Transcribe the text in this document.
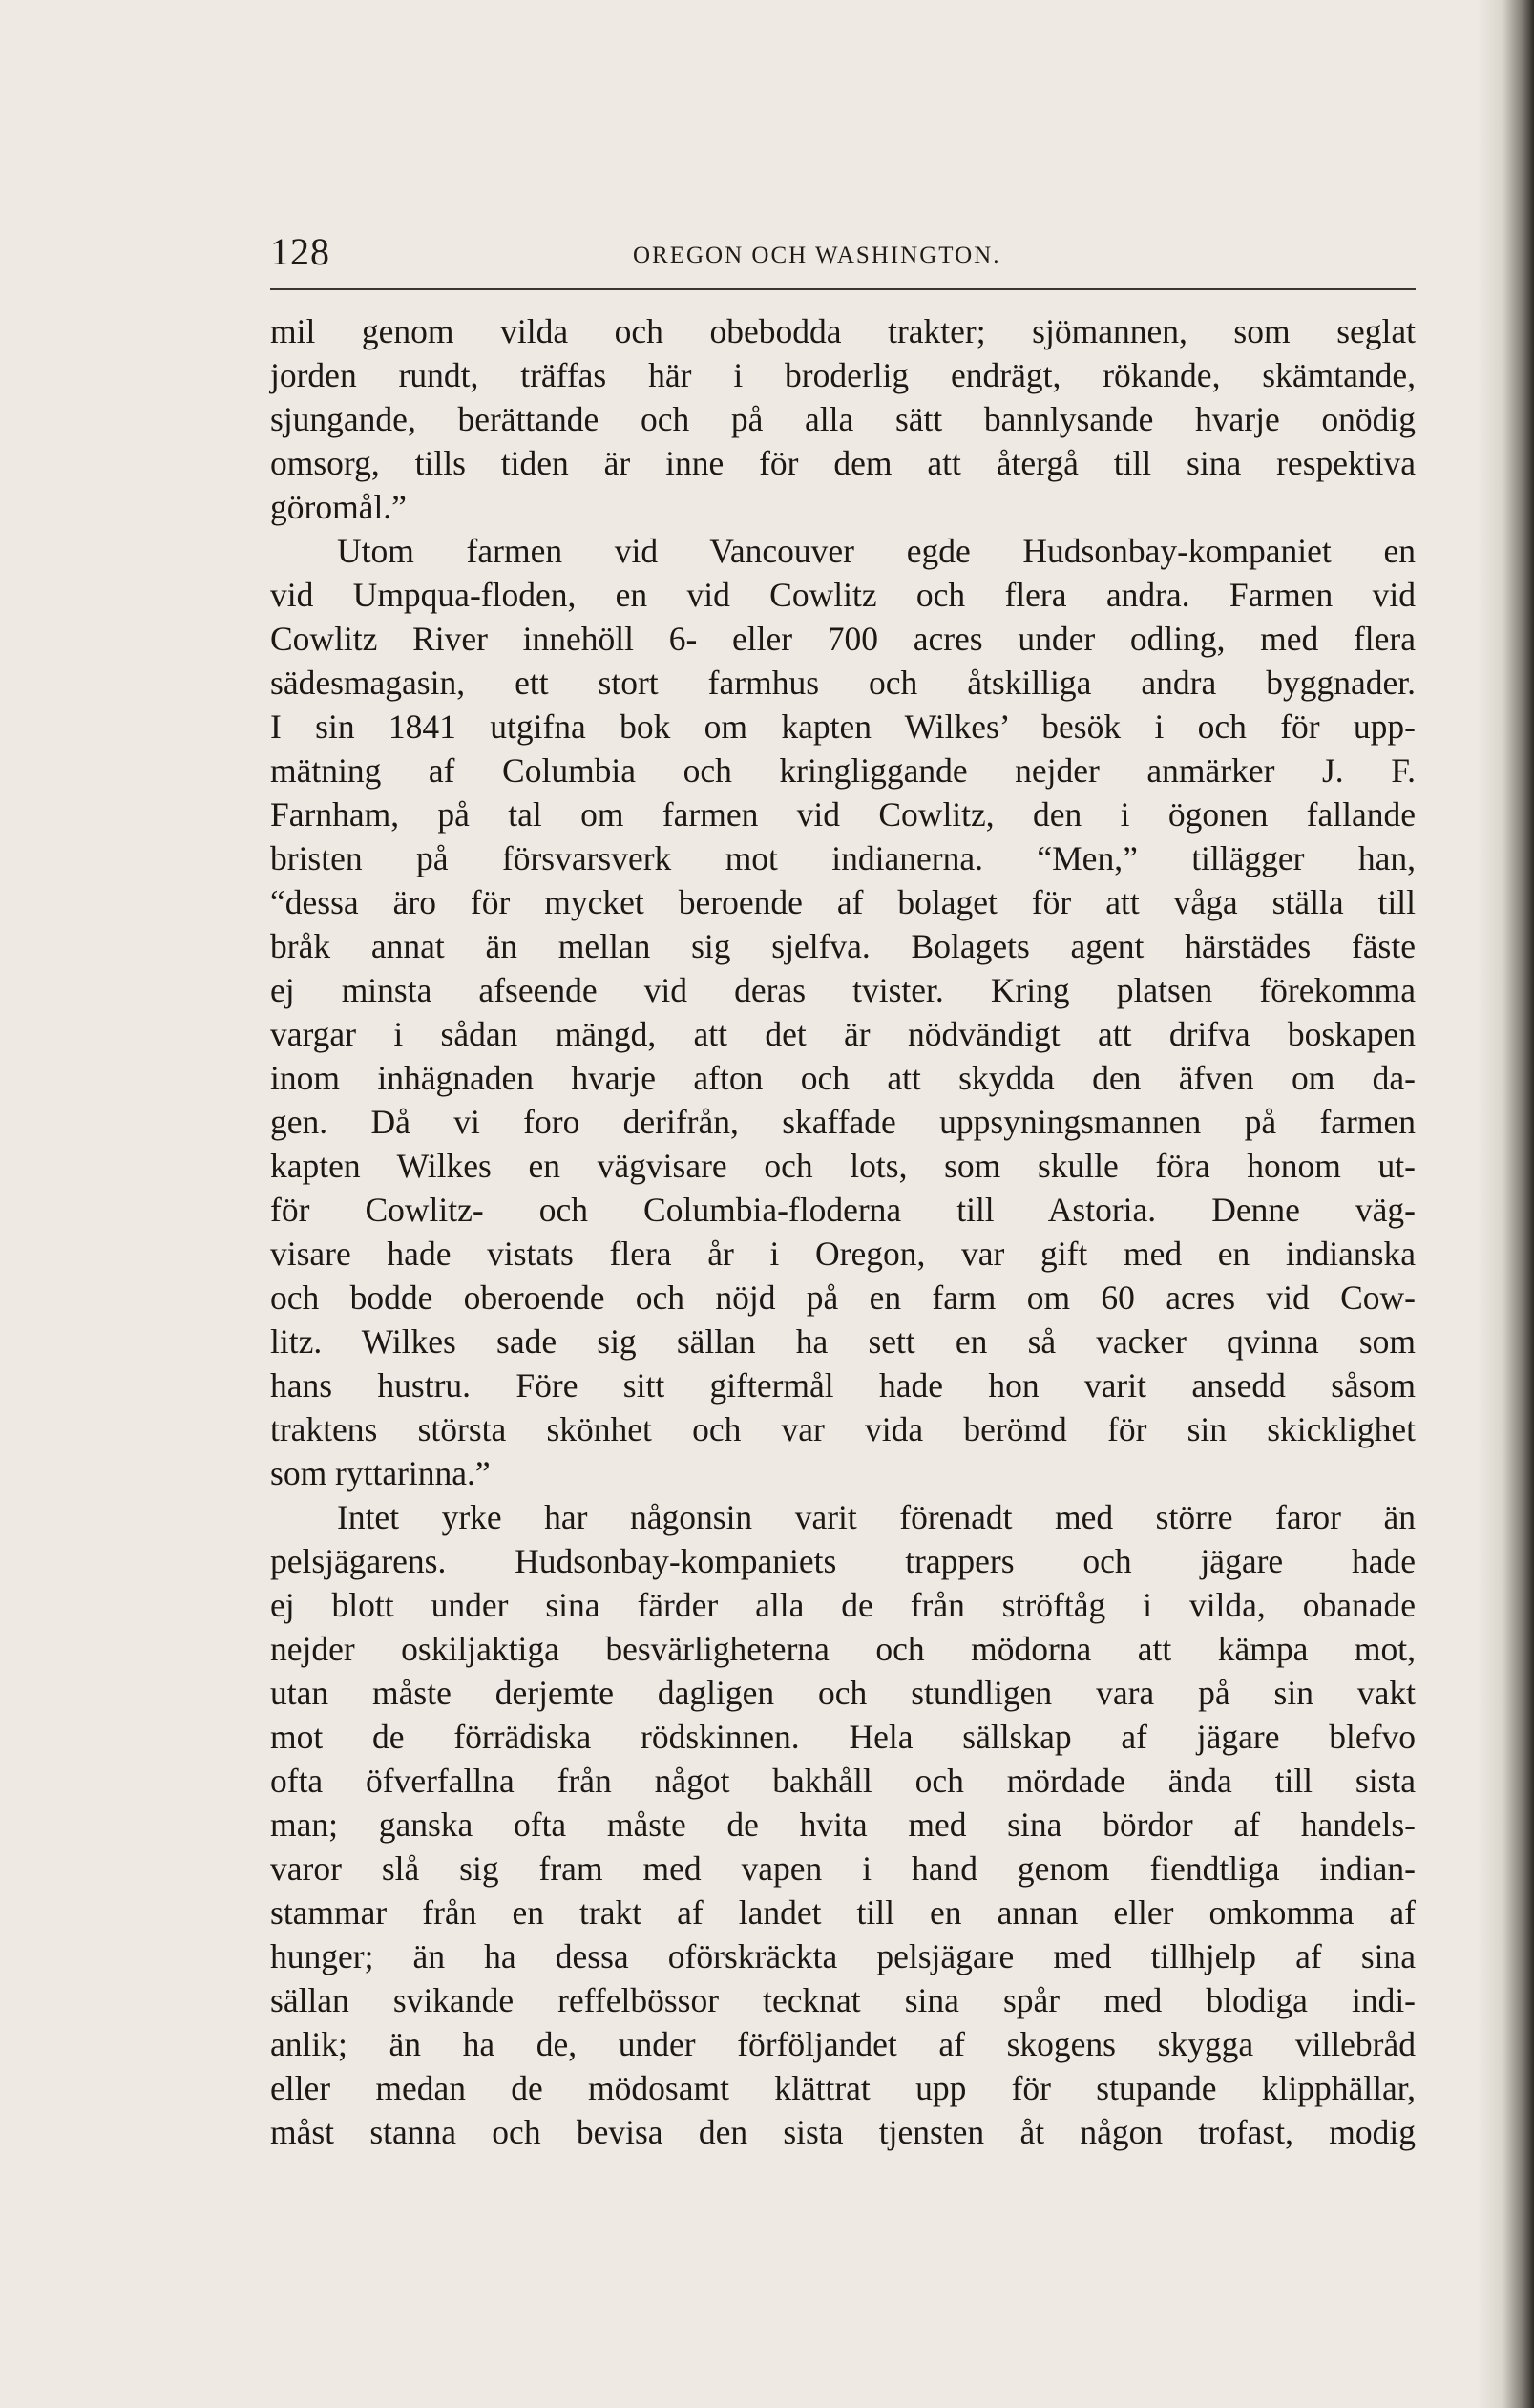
128	OREGON OCH WASHINGTON.
mil genom vilda och obebodda trakter; sjömannen, som seglat
jorden rundt, träffas här i broderlig endrägt, rökande, skämtande,
sjungande, berättande och på alla sätt bannlysande hvarje onödig
omsorg, tills tiden är inne för dem att återgå till sina respektiva
göromål.”
Utom farmen vid Vancouver egde Hudsonbay-kompaniet en
vid Umpqua-floden, en vid Cowlitz och flera andra. Farmen vid
Cowlitz River innehöll 6- eller 700 acres under odling, med flera
sädesmagasin, ett stort farmhus och åtskilliga andra byggnader.
I sin 1841 utgifna bok om kapten Wilkes’ besök i och för upp-
mätning af Columbia och kringliggande nejder anmärker J. F.
Farnham, på tal om farmen vid Cowlitz, den i ögonen fallande
bristen på försvarsverk mot indianerna. “Men,” tillägger han,
“dessa äro för mycket beroende af bolaget för att våga ställa till
bråk annat än mellan sig sjelfva. Bolagets agent härstädes fäste
ej minsta afseende vid deras tvister. Kring platsen förekomma
vargar i sådan mängd, att det är nödvändigt att drifva boskapen
inom inhägnaden hvarje afton och att skydda den äfven om da-
gen. Då vi foro derifrån, skaffade uppsyningsmannen på farmen
kapten Wilkes en vägvisare och lots, som skulle föra honom ut-
för Cowlitz- och Columbia-floderna till Astoria. Denne väg-
visare hade vistats flera år i Oregon, var gift med en indianska
och bodde oberoende och nöjd på en farm om 60 acres vid Cow-
litz. Wilkes sade sig sällan ha sett en så vacker qvinna som
hans hustru. Före sitt giftermål hade hon varit ansedd såsom
traktens största skönhet och var vida berömd för sin skicklighet
som ryttarinna.”
Intet yrke har någonsin varit förenadt med större faror än
pelsjägarens. Hudsonbay-kompaniets trappers och jägare hade
ej blott under sina färder alla de från ströftåg i vilda, obanade
nejder oskiljaktiga besvärligheterna och mödorna att kämpa mot,
utan måste derjemte dagligen och stundligen vara på sin vakt
mot de förrädiska rödskinnen. Hela sällskap af jägare blefvo
ofta öfverfallna från något bakhåll och mördade ända till sista
man; ganska ofta måste de hvita med sina bördor af handels-
varor slå sig fram med vapen i hand genom fiendtliga indian-
stammar från en trakt af landet till en annan eller omkomma af
hunger; än ha dessa oförskräckta pelsjägare med tillhjelp af sina
sällan svikande reffelbössor tecknat sina spår med blodiga indi-
anlik; än ha de, under förföljandet af skogens skygga villebråd
eller medan de mödosamt klättrat upp för stupande klipphällar,
måst stanna och bevisa den sista tjensten åt någon trofast, modig
